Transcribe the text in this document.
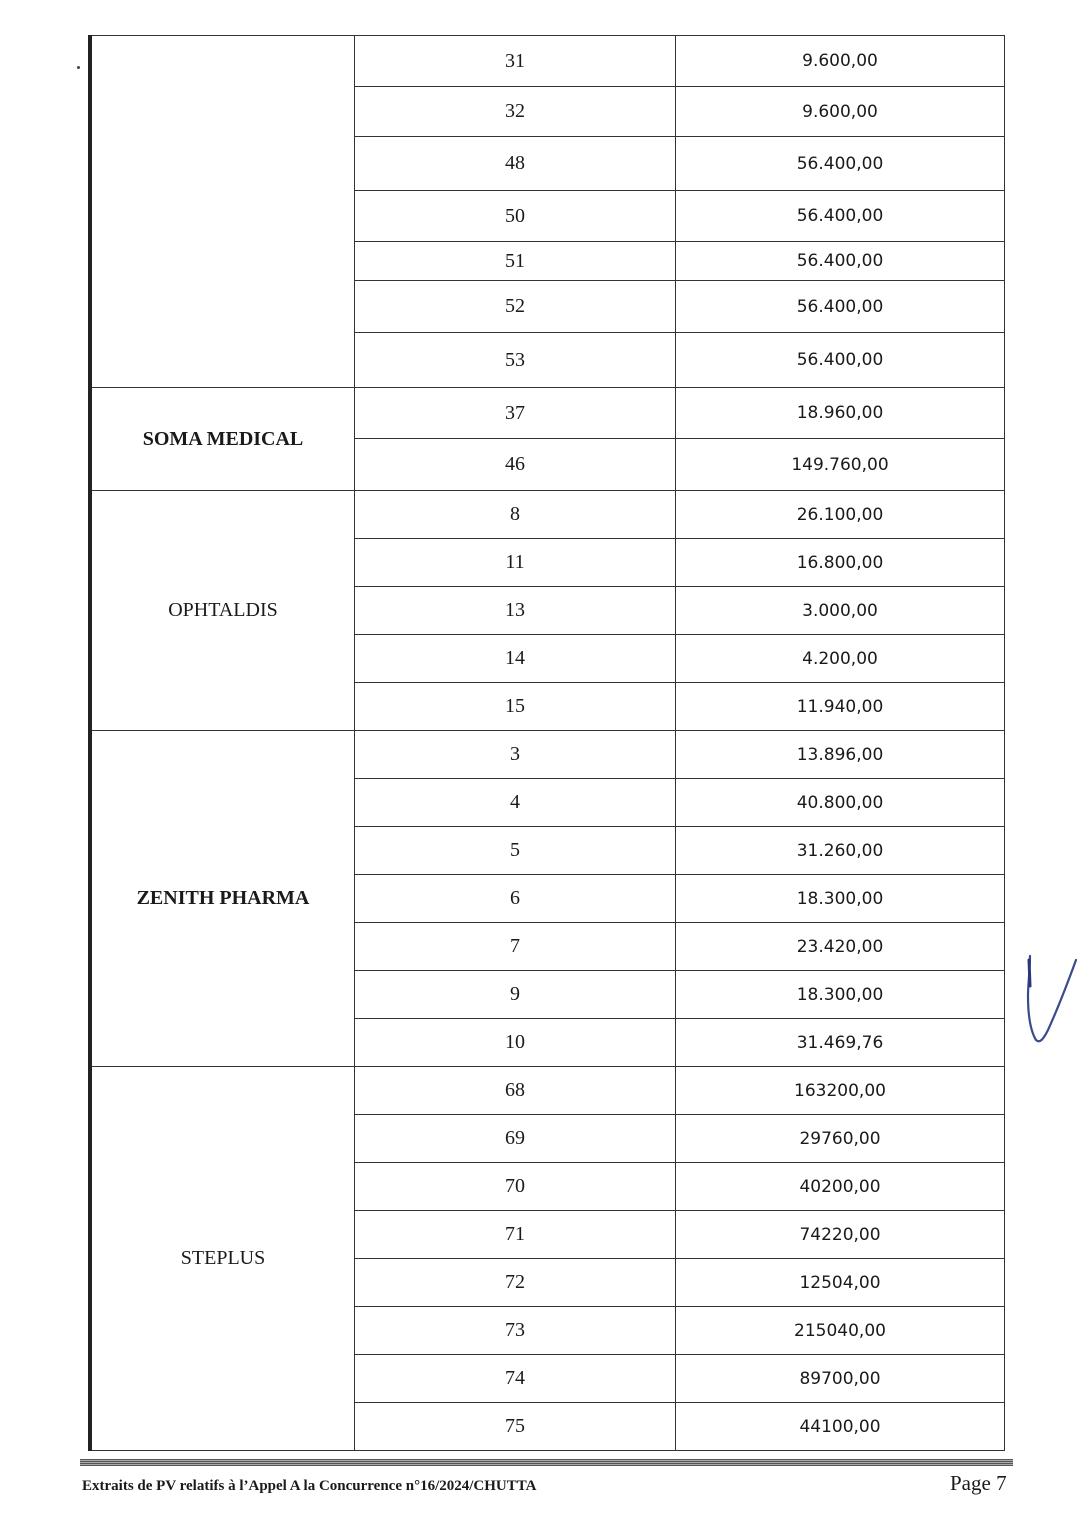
	31	9.600,00
	32	9.600,00
	48	56.400,00
	50	56.400,00
	51	56.400,00
	52	56.400,00
	53	56.400,00
SOMA MEDICAL	37	18.960,00
	46	149.760,00
OPHTALDIS	8	26.100,00
	11	16.800,00
	13	3.000,00
	14	4.200,00
	15	11.940,00
ZENITH PHARMA	3	13.896,00
	4	40.800,00
	5	31.260,00
	6	18.300,00
	7	23.420,00
	9	18.300,00
	10	31.469,76
STEPLUS	68	163200,00
	69	29760,00
	70	40200,00
	71	74220,00
	72	12504,00
	73	215040,00
	74	89700,00
	75	44100,00
Extraits de PV relatifs à l’Appel A la Concurrence n°16/2024/CHUTTA	Page 7
